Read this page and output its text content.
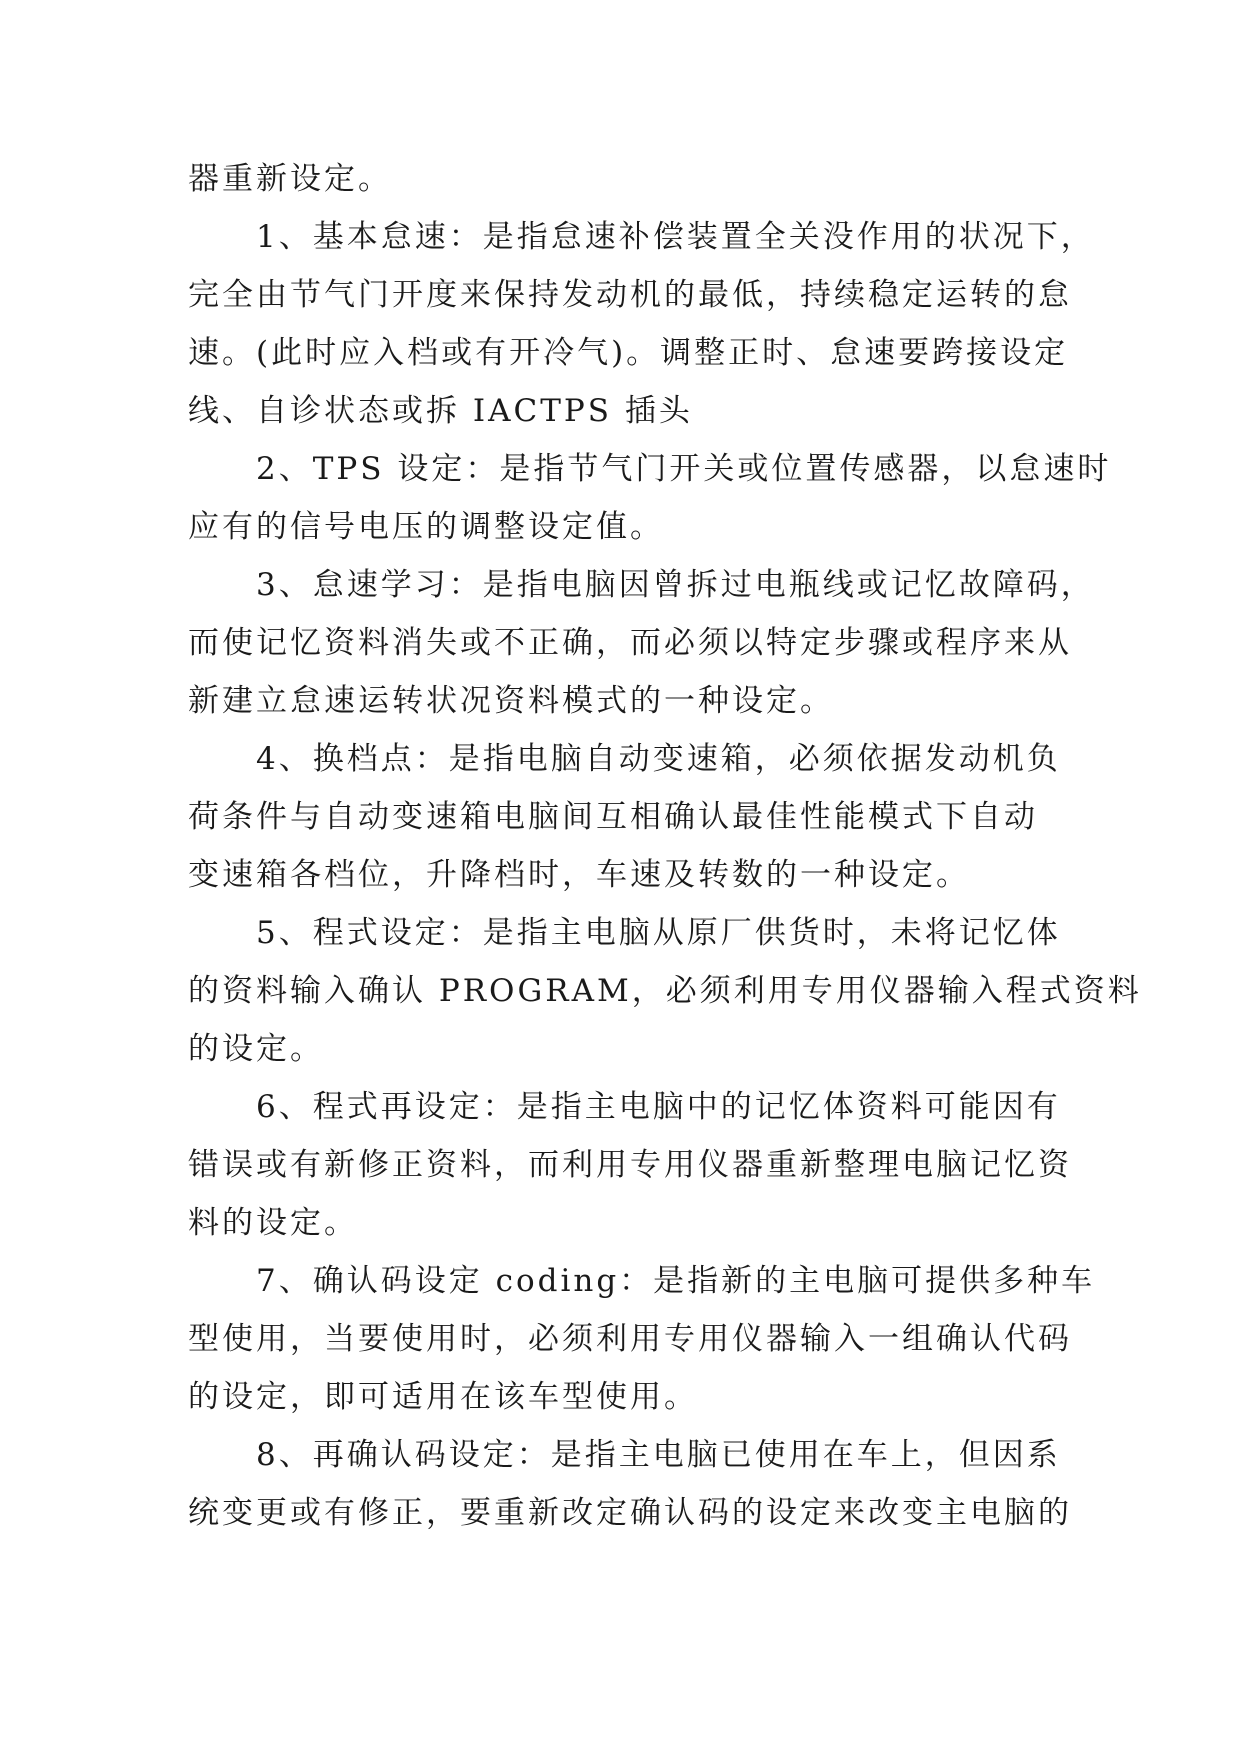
器重新设定。
　　1、基本怠速：是指怠速补偿装置全关没作用的状况下，
完全由节气门开度来保持发动机的最低，持续稳定运转的怠
速。(此时应入档或有开冷气)。调整正时、怠速要跨接设定
线、自诊状态或拆 IACTPS 插头
　　2、TPS 设定：是指节气门开关或位置传感器，以怠速时
应有的信号电压的调整设定值。
　　3、怠速学习：是指电脑因曾拆过电瓶线或记忆故障码，
而使记忆资料消失或不正确，而必须以特定步骤或程序来从
新建立怠速运转状况资料模式的一种设定。
　　4、换档点：是指电脑自动变速箱，必须依据发动机负
荷条件与自动变速箱电脑间互相确认最佳性能模式下自动
变速箱各档位，升降档时，车速及转数的一种设定。
　　5、程式设定：是指主电脑从原厂供货时，未将记忆体
的资料输入确认 PROGRAM，必须利用专用仪器输入程式资料
的设定。
　　6、程式再设定：是指主电脑中的记忆体资料可能因有
错误或有新修正资料，而利用专用仪器重新整理电脑记忆资
料的设定。
　　7、确认码设定 coding：是指新的主电脑可提供多种车
型使用，当要使用时，必须利用专用仪器输入一组确认代码
的设定，即可适用在该车型使用。
　　8、再确认码设定：是指主电脑已使用在车上，但因系
统变更或有修正，要重新改定确认码的设定来改变主电脑的
